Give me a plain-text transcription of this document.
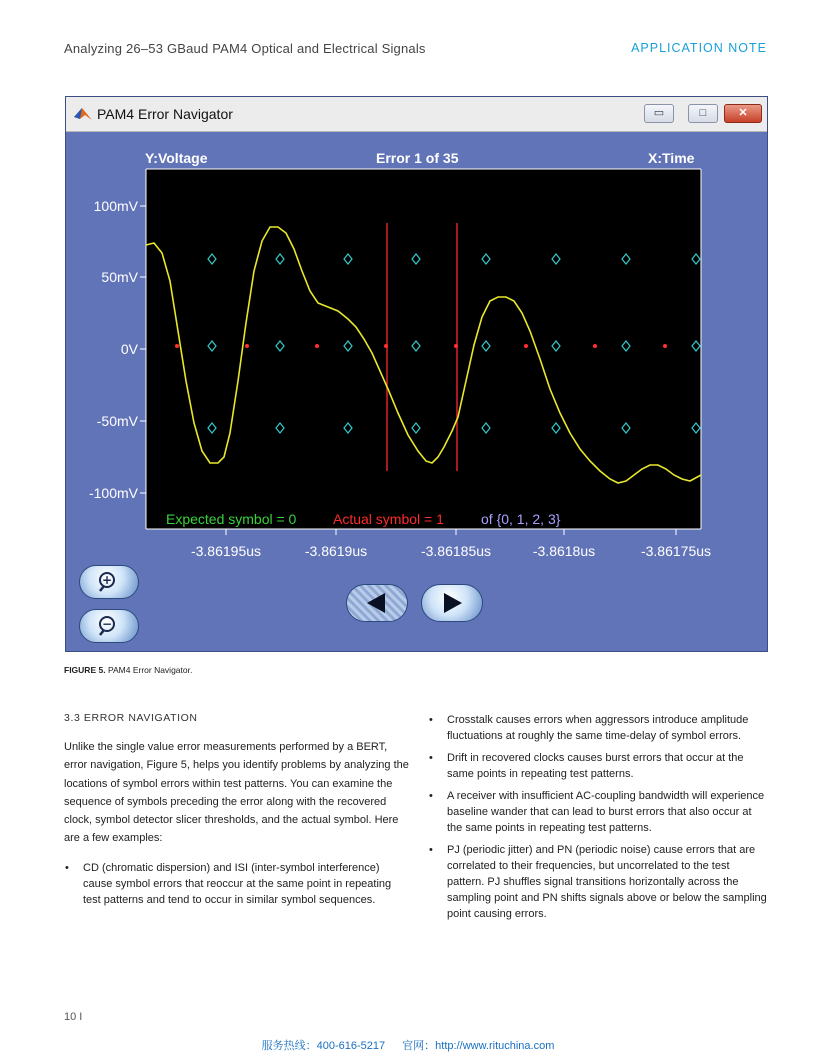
Analyzing 26–53 GBaud PAM4 Optical and Electrical Signals	APPLICATION NOTE
PAM4 Error Navigator	▭	□	✕
Y:Voltage	Error 1 of 35	X:Time
100mV
50mV
0V
-50mV
-100mV
Expected symbol = 0	Actual symbol = 1	of {0, 1, 2, 3}
-3.86195us	-3.8619us	-3.86185us	-3.8618us	-3.86175us
+
−
FIGURE 5. PAM4 Error Navigator.
3.3 ERROR NAVIGATION

Unlike the single value error measurements performed by a BERT, error navigation, Figure 5, helps you identify problems by analyzing the locations of symbol errors within test patterns. You can examine the sequence of symbols preceding the error along with the recovered clock, symbol detector slicer thresholds, and the actual symbol. Here are a few examples:

• CD (chromatic dispersion) and ISI (inter-symbol interference) cause symbol errors that reoccur at the same point in repeating test patterns and tend to occur in similar symbol sequences.
• Crosstalk causes errors when aggressors introduce amplitude fluctuations at roughly the same time-delay of symbol errors.
• Drift in recovered clocks causes burst errors that occur at the same points in repeating test patterns.
• A receiver with insufficient AC-coupling bandwidth will experience baseline wander that can lead to burst errors that also occur at the same points in repeating test patterns.
• PJ (periodic jitter) and PN (periodic noise) cause errors that are correlated to their frequencies, but uncorrelated to the test pattern. PJ shuffles signal transitions horizontally across the sampling point and PN shifts signals above or below the sampling point causing errors.
10 I
服务热线：400-616-5217 官网：http://www.rituchina.com
